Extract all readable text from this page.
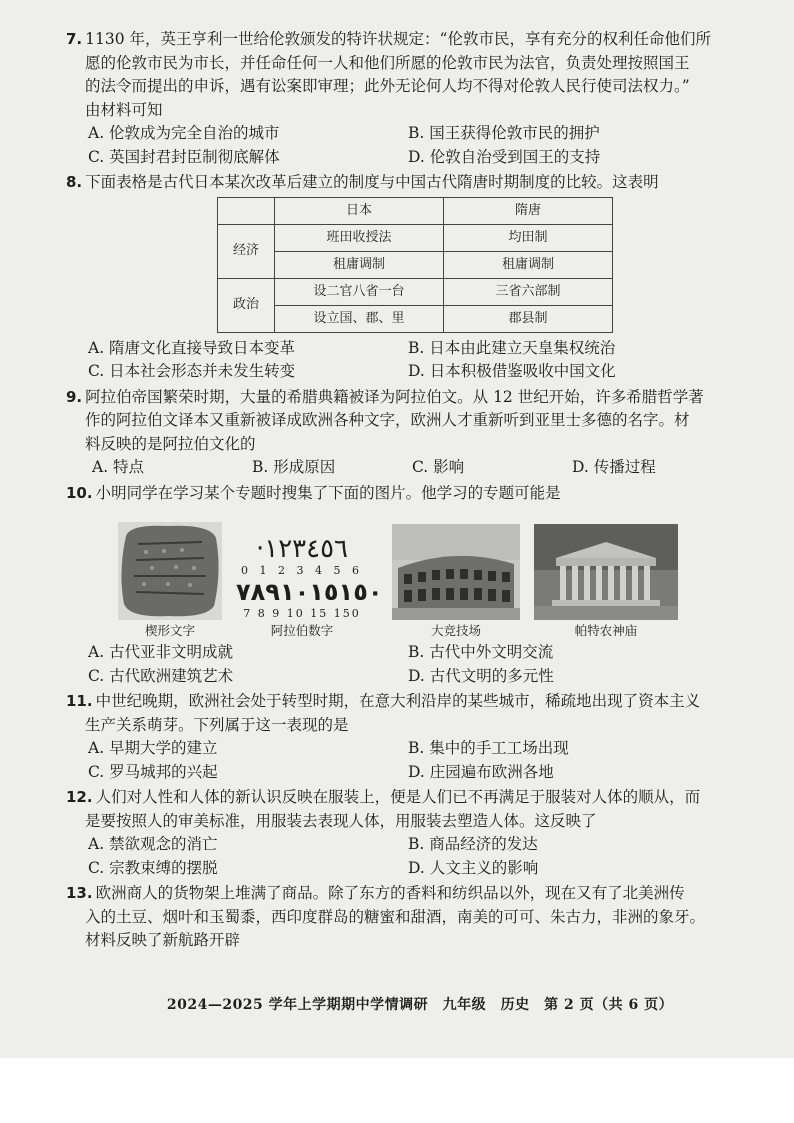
7. 1130 年，英王亨利一世给伦敦颁发的特许状规定：“伦敦市民，享有充分的权利任命他们所
愿的伦敦市民为市长，并任命任何一人和他们所愿的伦敦市民为法官，负责处理按照国王
的法令而提出的申诉，遇有讼案即审理；此外无论何人均不得对伦敦人民行使司法权力。”
由材料可知
A. 伦敦成为完全自治的城市	B. 国王获得伦敦市民的拥护
C. 英国封君封臣制彻底解体	D. 伦敦自治受到国王的支持
8. 下面表格是古代日本某次改革后建立的制度与中国古代隋唐时期制度的比较。这表明
	日本	隋唐
经济	班田收授法	均田制
	租庸调制	租庸调制
政治	设二官八省一台	三省六部制
	设立国、郡、里	郡县制
A. 隋唐文化直接导致日本变革	B. 日本由此建立天皇集权统治
C. 日本社会形态并未发生转变	D. 日本积极借鉴吸收中国文化
9. 阿拉伯帝国繁荣时期，大量的希腊典籍被译为阿拉伯文。从 12 世纪开始，许多希腊哲学著
作的阿拉伯文译本又重新被译成欧洲各种文字，欧洲人才重新听到亚里士多德的名字。材
料反映的是阿拉伯文化的
A. 特点	B. 形成原因	C. 影响	D. 传播过程
10. 小明同学在学习某个专题时搜集了下面的图片。他学习的专题可能是
楔形文字
·١٢٣٤٥٦
0 1 2 3 4 5 6
٧٨٩١٠١٥١٥٠
7 8 9 10 15 150
阿拉伯数字	大竞技场	帕特农神庙
A. 古代亚非文明成就	B. 古代中外文明交流
C. 古代欧洲建筑艺术	D. 古代文明的多元性
11. 中世纪晚期，欧洲社会处于转型时期，在意大利沿岸的某些城市，稀疏地出现了资本主义
生产关系萌芽。下列属于这一表现的是
A. 早期大学的建立	B. 集中的手工工场出现
C. 罗马城邦的兴起	D. 庄园遍布欧洲各地
12. 人们对人性和人体的新认识反映在服装上，便是人们已不再满足于服装对人体的顺从，而
是要按照人的审美标准，用服装去表现人体，用服装去塑造人体。这反映了
A. 禁欲观念的消亡	B. 商品经济的发达
C. 宗教束缚的摆脱	D. 人文主义的影响
13. 欧洲商人的货物架上堆满了商品。除了东方的香料和纺织品以外，现在又有了北美洲传
入的土豆、烟叶和玉蜀黍，西印度群岛的糖蜜和甜酒，南美的可可、朱古力，非洲的象牙。
材料反映了新航路开辟
2024—2025 学年上学期期中学情调研　九年级　历史　第 2 页（共 6 页）
